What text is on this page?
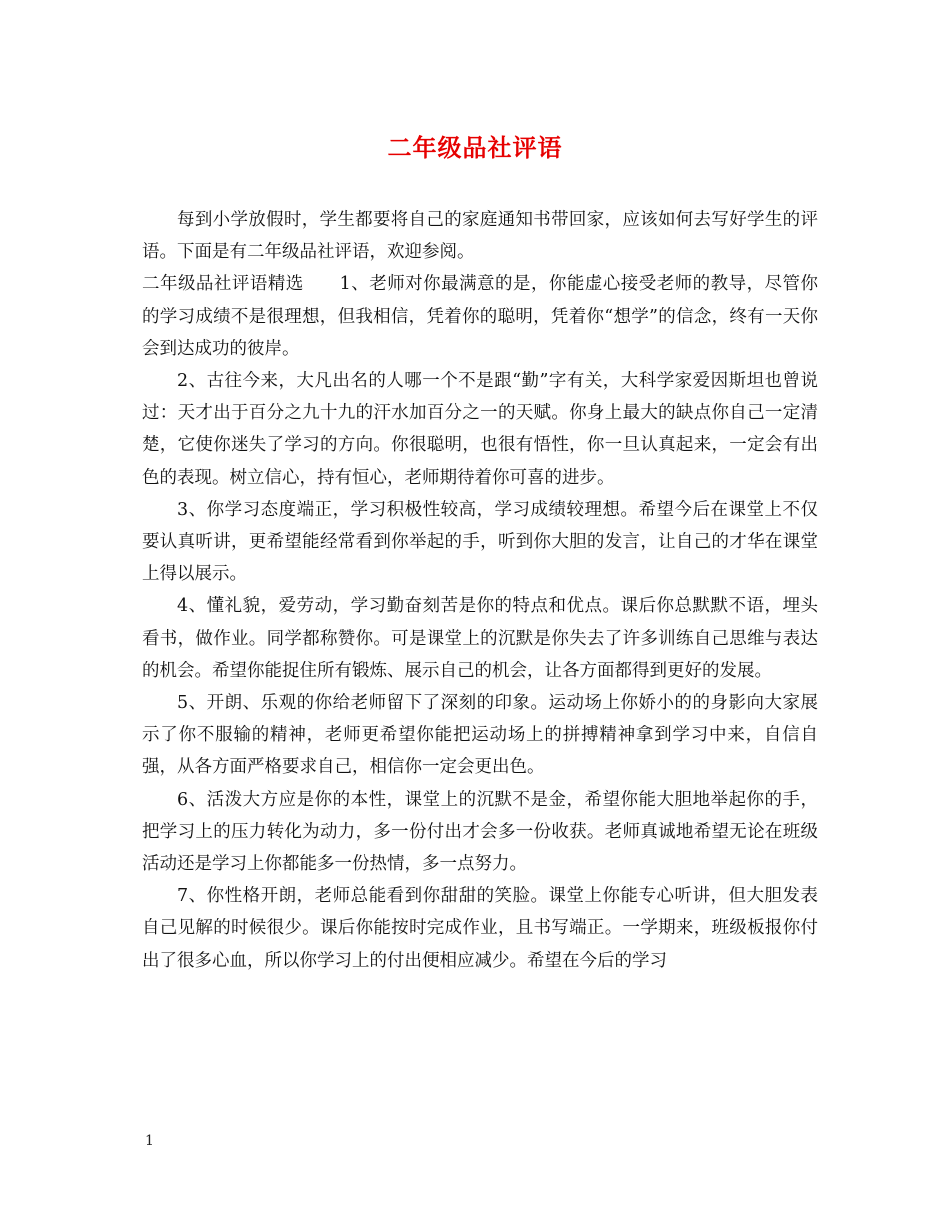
二年级品社评语

每到小学放假时，学生都要将自己的家庭通知书带回家，应该如何去写好学生的评语。下面是有二年级品社评语，欢迎参阅。

二年级品社评语精选　　1、老师对你最满意的是，你能虚心接受老师的教导，尽管你的学习成绩不是很理想，但我相信，凭着你的聪明，凭着你“想学”的信念，终有一天你会到达成功的彼岸。

2、古往今来，大凡出名的人哪一个不是跟“勤”字有关，大科学家爱因斯坦也曾说过：天才出于百分之九十九的汗水加百分之一的天赋。你身上最大的缺点你自己一定清楚，它使你迷失了学习的方向。你很聪明，也很有悟性，你一旦认真起来，一定会有出色的表现。树立信心，持有恒心，老师期待着你可喜的进步。

3、你学习态度端正，学习积极性较高，学习成绩较理想。希望今后在课堂上不仅要认真听讲，更希望能经常看到你举起的手，听到你大胆的发言，让自己的才华在课堂上得以展示。

4、懂礼貌，爱劳动，学习勤奋刻苦是你的特点和优点。课后你总默默不语，埋头看书，做作业。同学都称赞你。可是课堂上的沉默是你失去了许多训练自己思维与表达的机会。希望你能捉住所有锻炼、展示自己的机会，让各方面都得到更好的发展。

5、开朗、乐观的你给老师留下了深刻的印象。运动场上你娇小的的身影向大家展示了你不服输的精神，老师更希望你能把运动场上的拼搏精神拿到学习中来，自信自强，从各方面严格要求自己，相信你一定会更出色。

6、活泼大方应是你的本性，课堂上的沉默不是金，希望你能大胆地举起你的手，把学习上的压力转化为动力，多一份付出才会多一份收获。老师真诚地希望无论在班级活动还是学习上你都能多一份热情，多一点努力。

7、你性格开朗，老师总能看到你甜甜的笑脸。课堂上你能专心听讲，但大胆发表自己见解的时候很少。课后你能按时完成作业，且书写端正。一学期来，班级板报你付出了很多心血，所以你学习上的付出便相应减少。希望在今后的学习

1
